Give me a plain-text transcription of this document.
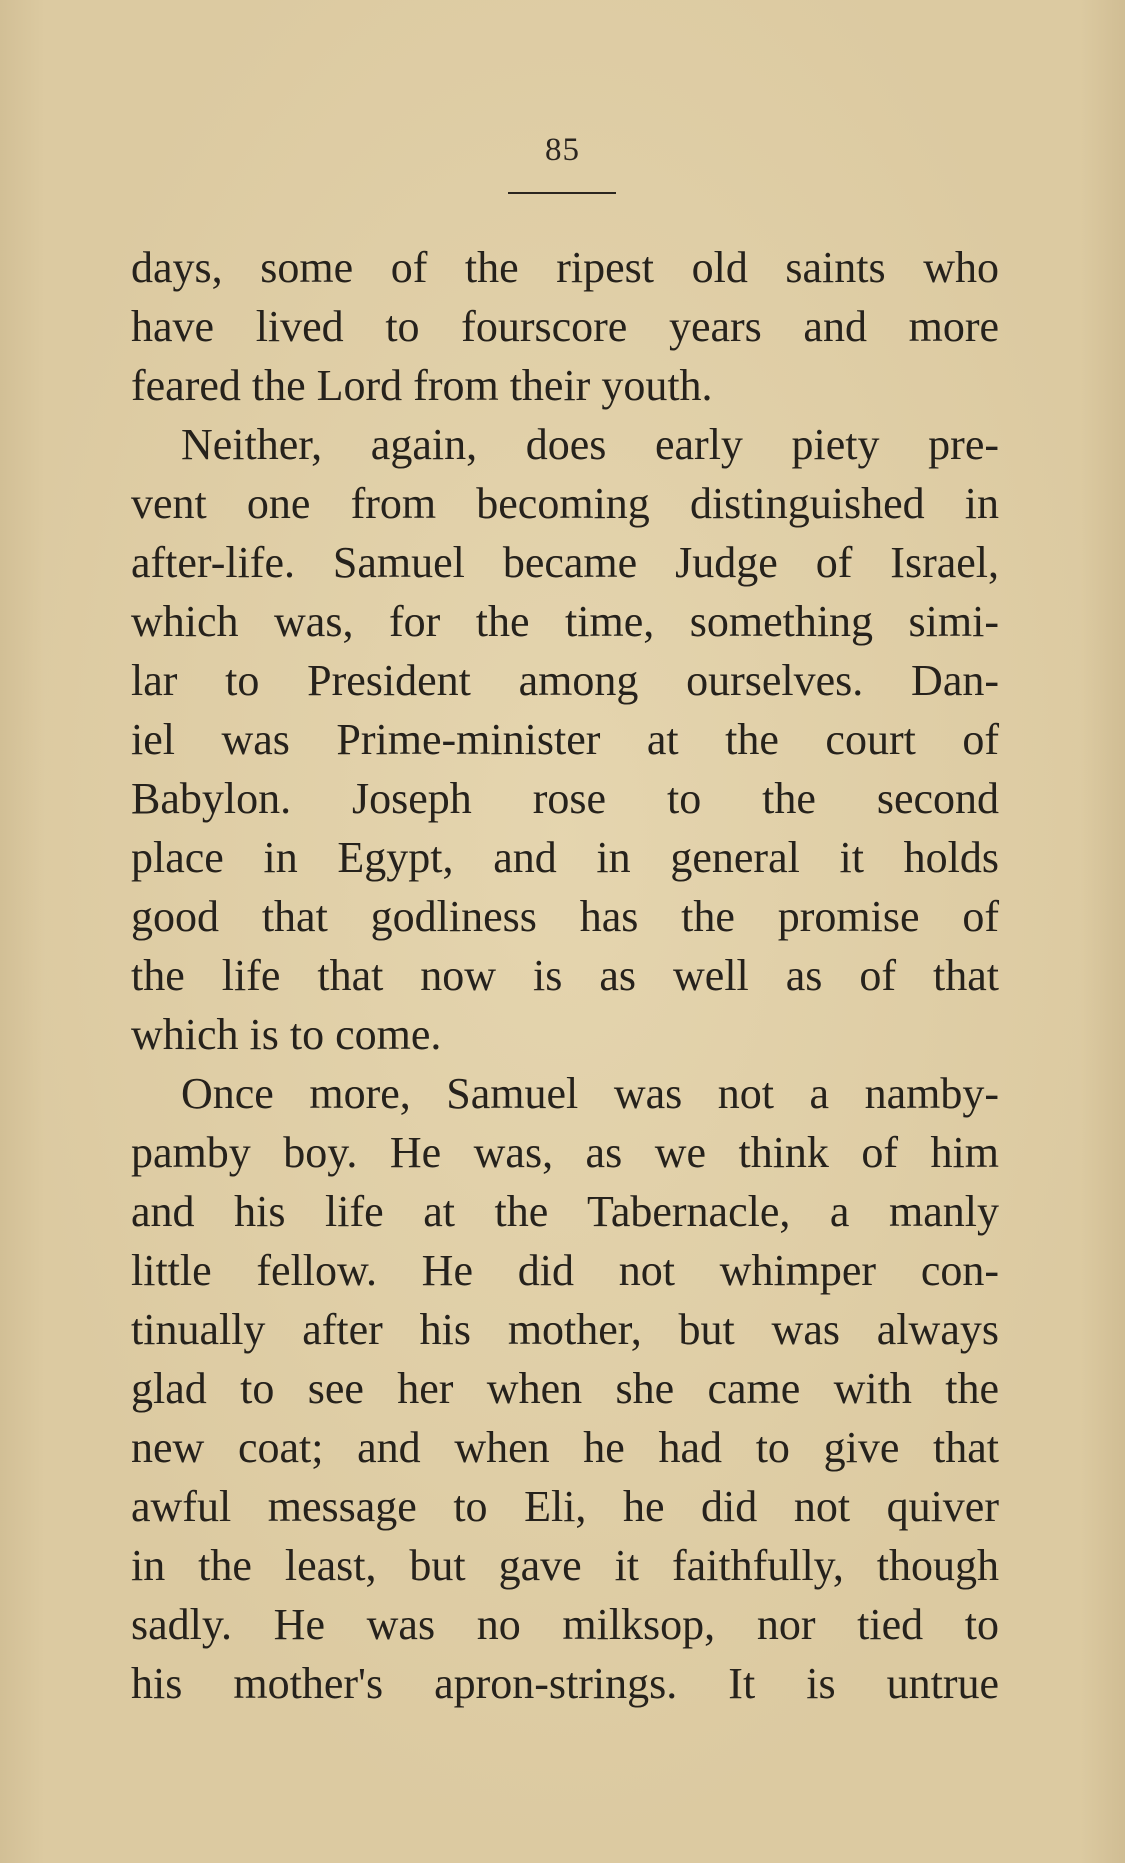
85
days, some of the ripest old saints who
have lived to fourscore years and more
feared the Lord from their youth.
Neither, again, does early piety pre-
vent one from becoming distinguished in
after-life. Samuel became Judge of Israel,
which was, for the time, something simi-
lar to President among ourselves. Dan-
iel was Prime-minister at the court of
Babylon. Joseph rose to the second
place in Egypt, and in general it holds
good that godliness has the promise of
the life that now is as well as of that
which is to come.
Once more, Samuel was not a namby-
pamby boy. He was, as we think of him
and his life at the Tabernacle, a manly
little fellow. He did not whimper con-
tinually after his mother, but was always
glad to see her when she came with the
new coat; and when he had to give that
awful message to Eli, he did not quiver
in the least, but gave it faithfully, though
sadly. He was no milksop, nor tied to
his mother's apron-strings. It is untrue
